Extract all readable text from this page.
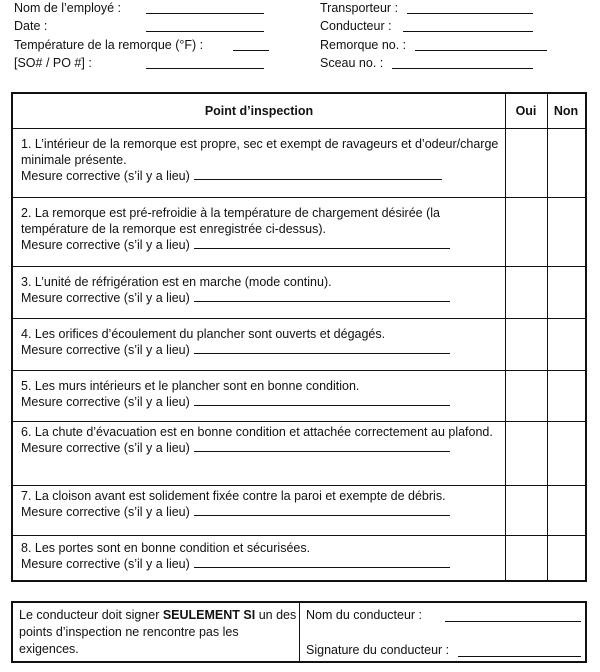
Nom de l’employé :
Date :
Température de la remorque (°F) :
[SO# / PO #] :
Transporteur :
Conducteur :
Remorque no. :
Sceau no. :
Point d’inspection	Oui	Non

1. L’intérieur de la remorque est propre, sec et exempt de ravageurs et d’odeur/charge minimale présente.

Mesure corrective (s’il y a lieu)

2. La remorque est pré-refroidie à la température de chargement désirée (la température de la remorque est enregistrée ci-dessus).

Mesure corrective (s’il y a lieu)

3. L’unité de réfrigération est en marche (mode continu).

Mesure corrective (s’il y a lieu)

4. Les orifices d’écoulement du plancher sont ouverts et dégagés.

Mesure corrective (s’il y a lieu)

5. Les murs intérieurs et le plancher sont en bonne condition.

Mesure corrective (s’il y a lieu)

6. La chute d’évacuation est en bonne condition et attachée correctement au plafond.

Mesure corrective (s’il y a lieu)

7. La cloison avant est solidement fixée contre la paroi et exempte de débris.

Mesure corrective (s’il y a lieu)

8. Les portes sont en bonne condition et sécurisées.

Mesure corrective (s’il y a lieu)
Le conducteur doit signer SEULEMENT SI un des points d’inspection ne rencontre pas les exigences.
Nom du conducteur :
Signature du conducteur :
